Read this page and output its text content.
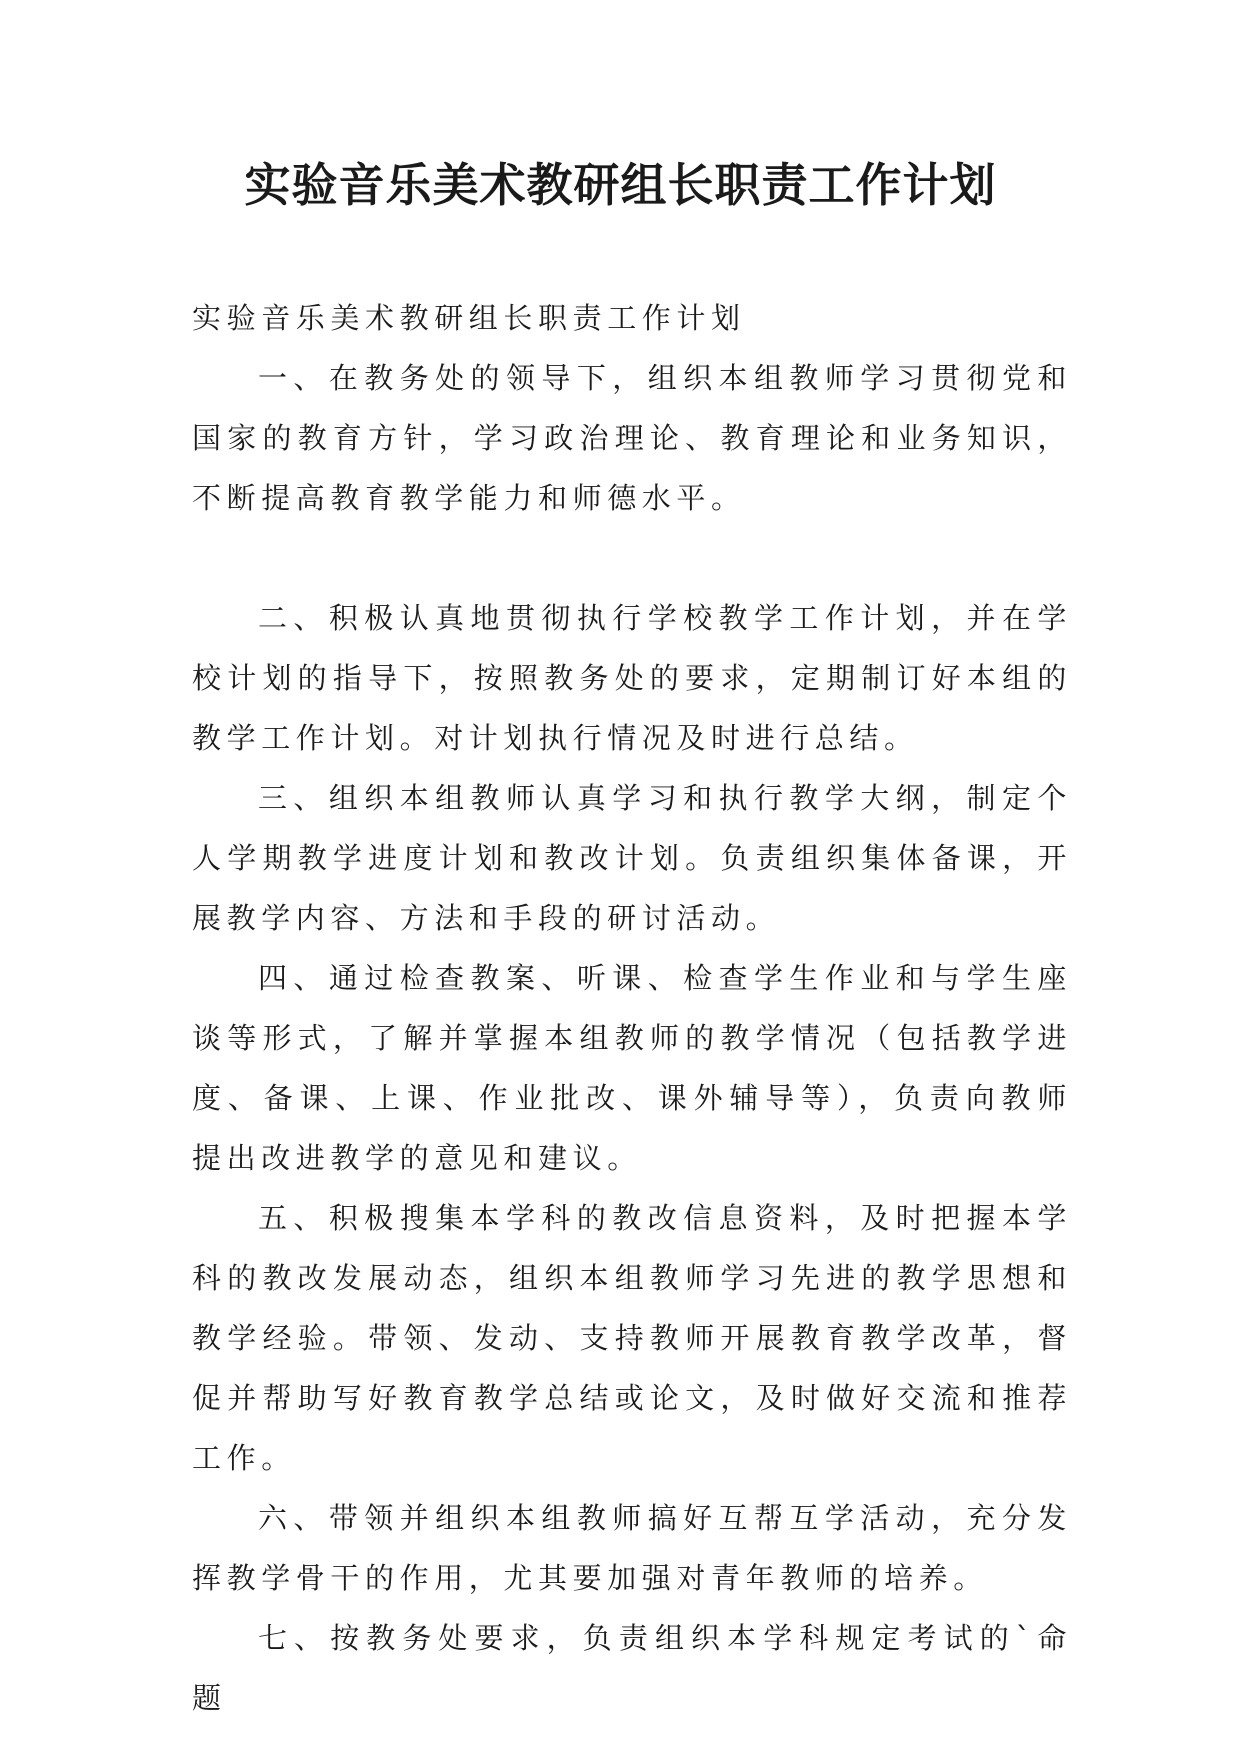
实验音乐美术教研组长职责工作计划

实验音乐美术教研组长职责工作计划

一、在教务处的领导下，组织本组教师学习贯彻党和国家的教育方针，学习政治理论、教育理论和业务知识，不断提高教育教学能力和师德水平。

二、积极认真地贯彻执行学校教学工作计划，并在学校计划的指导下，按照教务处的要求，定期制订好本组的教学工作计划。对计划执行情况及时进行总结。

三、组织本组教师认真学习和执行教学大纲，制定个人学期教学进度计划和教改计划。负责组织集体备课，开展教学内容、方法和手段的研讨活动。

四、通过检查教案、听课、检查学生作业和与学生座谈等形式，了解并掌握本组教师的教学情况（包括教学进度、备课、上课、作业批改、课外辅导等），负责向教师提出改进教学的意见和建议。

五、积极搜集本学科的教改信息资料，及时把握本学科的教改发展动态，组织本组教师学习先进的教学思想和教学经验。带领、发动、支持教师开展教育教学改革，督促并帮助写好教育教学总结或论文，及时做好交流和推荐工作。

六、带领并组织本组教师搞好互帮互学活动，充分发挥教学骨干的作用，尤其要加强对青年教师的培养。

七、按教务处要求，负责组织本学科规定考试的`命题
